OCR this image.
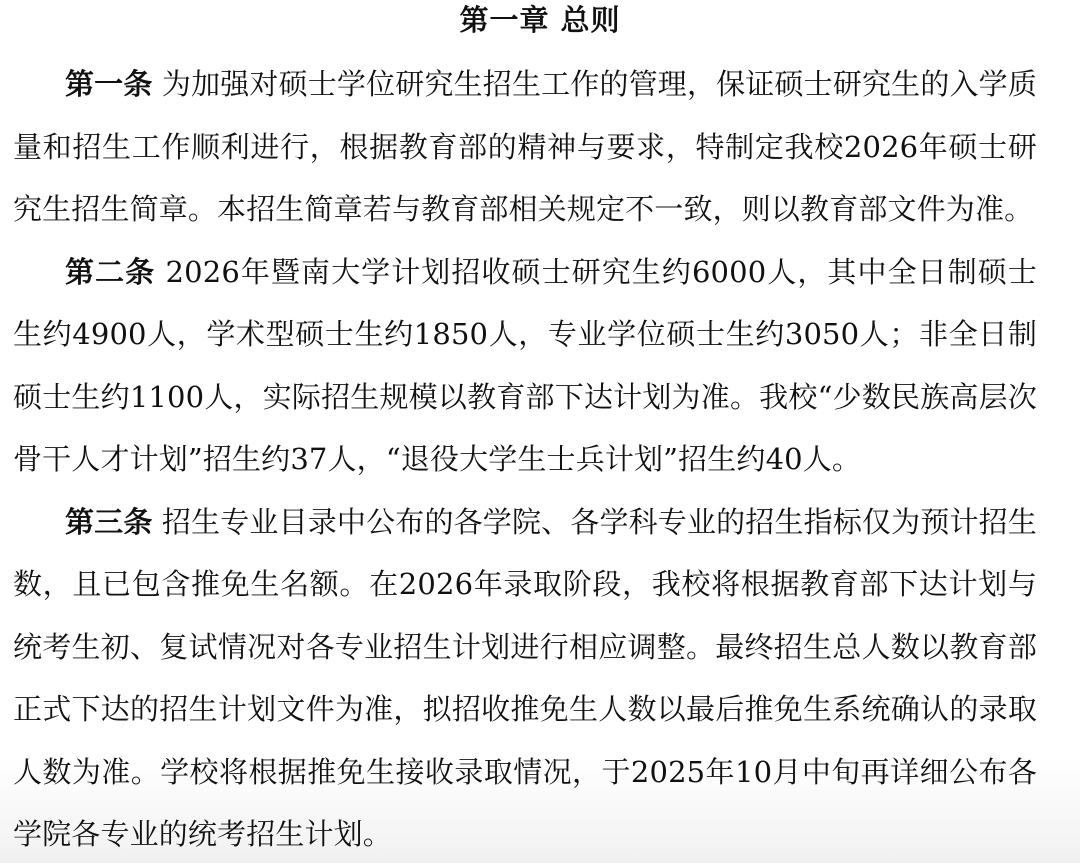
第一章 总则

第一条 为加强对硕士学位研究生招生工作的管理，保证硕士研究生的入学质量和招生工作顺利进行，根据教育部的精神与要求，特制定我校2026年硕士研究生招生简章。本招生简章若与教育部相关规定不一致，则以教育部文件为准。

第二条 2026年暨南大学计划招收硕士研究生约6000人，其中全日制硕士生约4900人，学术型硕士生约1850人，专业学位硕士生约3050人；非全日制硕士生约1100人，实际招生规模以教育部下达计划为准。我校“少数民族高层次骨干人才计划”招生约37人，“退役大学生士兵计划”招生约40人。

第三条 招生专业目录中公布的各学院、各学科专业的招生指标仅为预计招生数，且已包含推免生名额。在2026年录取阶段，我校将根据教育部下达计划与统考生初、复试情况对各专业招生计划进行相应调整。最终招生总人数以教育部正式下达的招生计划文件为准，拟招收推免生人数以最后推免生系统确认的录取人数为准。学校将根据推免生接收录取情况，于2025年10月中旬再详细公布各学院各专业的统考招生计划。
